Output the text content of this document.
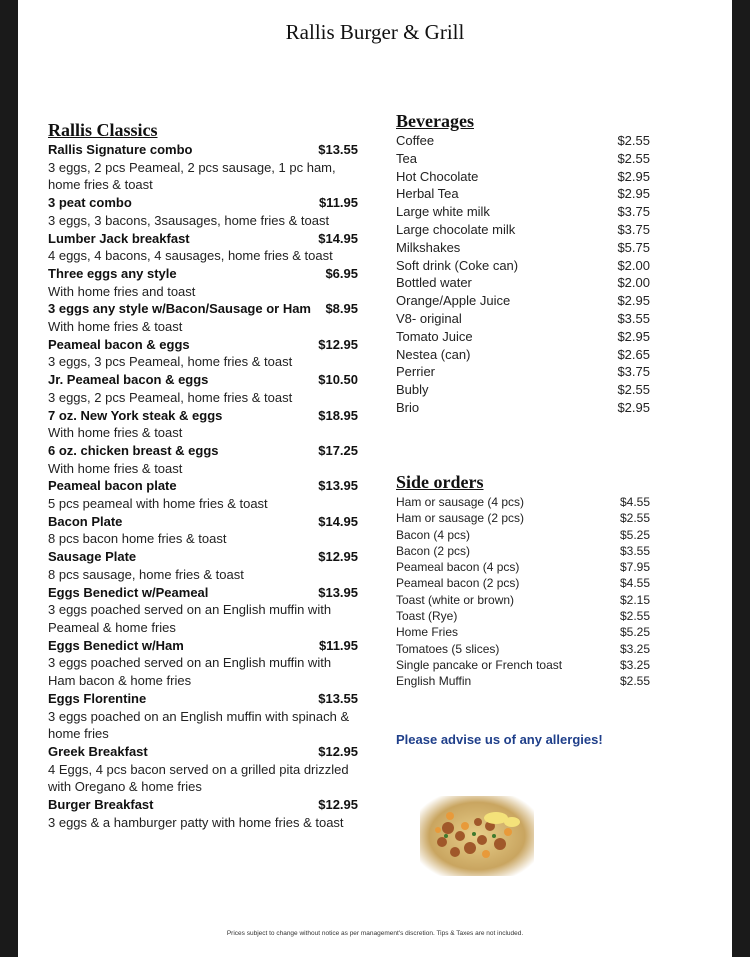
Rallis Burger & Grill
Rallis Classics
Rallis Signature combo	$13.55
3 eggs, 2 pcs Peameal, 2 pcs sausage, 1 pc ham, home fries & toast
3 peat combo	$11.95
3 eggs, 3 bacons, 3sausages, home fries & toast
Lumber Jack breakfast	$14.95
4 eggs, 4 bacons, 4 sausages, home fries & toast
Three eggs any style	$6.95
With home fries and toast
3 eggs any style w/Bacon/Sausage or Ham $8.95
With home fries & toast
Peameal bacon & eggs	$12.95
3 eggs, 3 pcs Peameal, home fries & toast
Jr. Peameal bacon & eggs	$10.50
3 eggs, 2 pcs Peameal, home fries & toast
7 oz. New York steak & eggs	$18.95
With home fries & toast
6 oz. chicken breast & eggs	$17.25
With home fries & toast
Peameal bacon plate	$13.95
5 pcs peameal with home fries & toast
Bacon Plate	$14.95
8 pcs bacon home fries & toast
Sausage Plate	$12.95
8 pcs sausage, home fries & toast
Eggs Benedict w/Peameal	$13.95
3 eggs poached served on an English muffin with Peameal & home fries
Eggs Benedict w/Ham	$11.95
3 eggs poached served on an English muffin with Ham bacon & home fries
Eggs Florentine	$13.55
3 eggs poached on an English muffin with spinach & home fries
Greek Breakfast	$12.95
4 Eggs, 4 pcs bacon served on a grilled pita drizzled with Oregano & home fries
Burger Breakfast	$12.95
3 eggs & a hamburger patty with home fries & toast
Beverages
Coffee	$2.55
Tea	$2.55
Hot Chocolate	$2.95
Herbal Tea	$2.95
Large white milk	$3.75
Large chocolate milk	$3.75
Milkshakes	$5.75
Soft drink (Coke can)	$2.00
Bottled water	$2.00
Orange/Apple Juice	$2.95
V8- original	$3.55
Tomato Juice	$2.95
Nestea (can)	$2.65
Perrier	$3.75
Bubly	$2.55
Brio	$2.95
Side orders
Ham or sausage (4 pcs)	$4.55
Ham or sausage (2 pcs)	$2.55
Bacon (4 pcs)	$5.25
Bacon (2 pcs)	$3.55
Peameal bacon (4 pcs)	$7.95
Peameal bacon (2 pcs)	$4.55
Toast (white or brown)	$2.15
Toast (Rye)	$2.55
Home Fries	$5.25
Tomatoes (5 slices)	$3.25
Single pancake or French toast	$3.25
English Muffin	$2.55
Please advise us of any allergies!
Prices subject to change without notice as per management's discretion. Tips & Taxes are not included.
